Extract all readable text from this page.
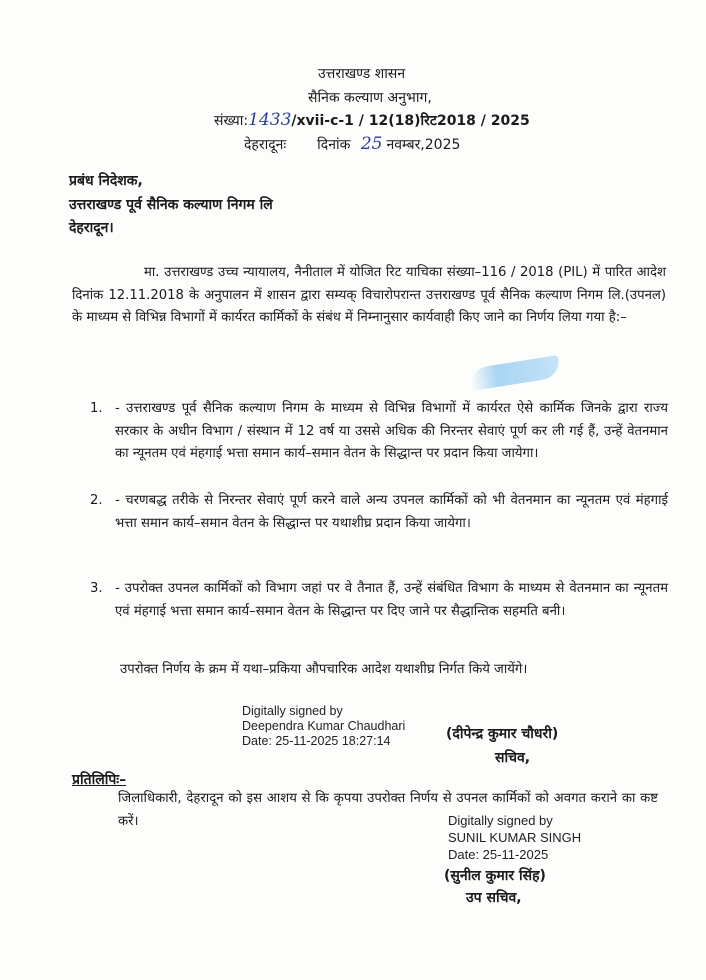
उत्तराखण्ड शासन
सैनिक कल्याण अनुभाग,
संख्या:1433/xvii-c-1 / 12(18)रिट2018 / 2025
देहरादूनः दिनांक 25 नवम्बर,2025
प्रबंध निदेशक,
उत्तराखण्ड पूर्व सैनिक कल्याण निगम लि
देहरादून।
मा. उत्तराखण्ड उच्च न्यायालय, नैनीताल में योजित रिट याचिका संख्या–116 / 2018 (PIL) में पारित आदेश दिनांक 12.11.2018 के अनुपालन में शासन द्वारा सम्यक् विचारोपरान्त उत्तराखण्ड पूर्व सैनिक कल्याण निगम लि.(उपनल) के माध्यम से विभिन्न विभागों में कार्यरत कार्मिकों के संबंध में निम्नानुसार कार्यवाही किए जाने का निर्णय लिया गया है:–
1. - उत्तराखण्ड पूर्व सैनिक कल्याण निगम के माध्यम से विभिन्न विभागों में कार्यरत ऐसे कार्मिक जिनके द्वारा राज्य सरकार के अधीन विभाग / संस्थान में 12 वर्ष या उससे अधिक की निरन्तर सेवाएं पूर्ण कर ली गई हैं, उन्हें वेतनमान का न्यूनतम एवं मंहगाई भत्ता समान कार्य–समान वेतन के सिद्धान्त पर प्रदान किया जायेगा।
2. - चरणबद्ध तरीके से निरन्तर सेवाएं पूर्ण करने वाले अन्य उपनल कार्मिकों को भी वेतनमान का न्यूनतम एवं मंहगाई भत्ता समान कार्य–समान वेतन के सिद्धान्त पर यथाशीघ्र प्रदान किया जायेगा।
3. - उपरोक्त उपनल कार्मिकों को विभाग जहां पर वे तैनात हैं, उन्हें संबंधित विभाग के माध्यम से वेतनमान का न्यूनतम एवं मंहगाई भत्ता समान कार्य–समान वेतन के सिद्धान्त पर दिए जाने पर सैद्धान्तिक सहमति बनी।
उपरोक्त निर्णय के क्रम में यथा–प्रकिया औपचारिक आदेश यथाशीघ्र निर्गत किये जायेंगे।
Digitally signed by
Deependra Kumar Chaudhari
Date: 25-11-2025 18:27:14	(दीपेन्द्र कुमार चौधरी)
सचिव,
प्रतिलिपिः–
जिलाधिकारी, देहरादून को इस आशय से कि कृपया उपरोक्त निर्णय से उपनल कार्मिकों को अवगत कराने का कष्ट करें।	Digitally signed by
SUNIL KUMAR SINGH
Date: 25-11-2025
(सुनील कुमार सिंह)
उप सचिव,
